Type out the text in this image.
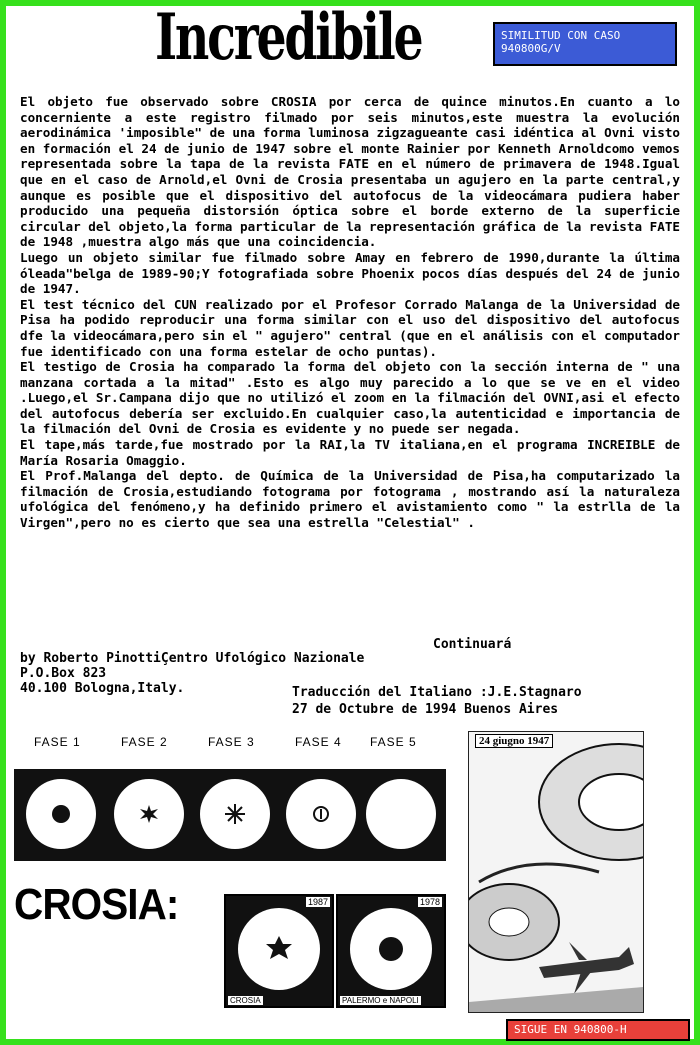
Incredibile	SIMILITUD CON CASO
940800G/V

El objeto fue observado sobre CROSIA por cerca de quince minutos.En cuanto a lo concerniente a este registro filmado por seis minutos,este muestra la evolución aerodinámica 'imposible" de una forma luminosa zigzagueante casi idéntica al Ovni visto en formación el 24 de junio de 1947 sobre el monte Rainier por Kenneth Arnoldcomo vemos representada sobre la tapa de la revista FATE en el número de primavera de 1948.Igual que en el caso de Arnold,el Ovni de Crosia presentaba un agujero en la parte central,y aunque es posible que el dispositivo del autofocus de la videocámara pudiera haber producido una pequeña distorsión óptica sobre el borde externo de la superficie circular del objeto,la forma particular de la representación gráfica de la revista FATE de 1948 ,muestra algo más que una coincidencia.

Luego un objeto similar fue filmado sobre Amay en febrero de 1990,durante la última óleada"belga de 1989-90;Y fotografiada sobre Phoenix pocos días después del 24 de junio de 1947.

El test técnico del CUN realizado por el Profesor Corrado Malanga de la Universidad de Pisa ha podido reproducir una forma similar con el uso del dispositivo del autofocus dfe la videocámara,pero sin el " agujero" central (que en el análisis con el computador fue identificado con una forma estelar de ocho puntas).

El testigo de Crosia ha comparado la forma del objeto con la sección interna de " una manzana cortada a la mitad" .Esto es algo muy parecido a lo que se ve en el video .Luego,el Sr.Campana dijo que no utilizó el zoom en la filmación del OVNI,asi el efecto del autofocus debería ser excluido.En cualquier caso,la autenticidad e importancia de la filmación del Ovni de Crosia es evidente y no puede ser negada.

El tape,más tarde,fue mostrado por la RAI,la TV italiana,en el programa INCREIBLE de María Rosaria Omaggio.

El Prof.Malanga del depto. de Química de la Universidad de Pisa,ha computarizado la filmación de Crosia,estudiando fotograma por fotograma , mostrando así la naturaleza ufológica del fenómeno,y ha definido primero el avistamiento como " la estrlla de la Virgen",pero no es cierto que sea una estrella "Celestial" .

Continuará
by Roberto PinottiÇentro Ufológico Nazionale
P.O.Box 823
40.100 Bologna,Italy.	Traducción del Italiano :J.E.Stagnaro
27 de Octubre de 1994 Buenos Aires
FASE 1	FASE 2	FASE 3	FASE 4 FASE 5
CROSIA:	1987
CROSIA
1978
PALERMO e NAPOLI
24 giugno 1947
SIGUE EN 940800-H
